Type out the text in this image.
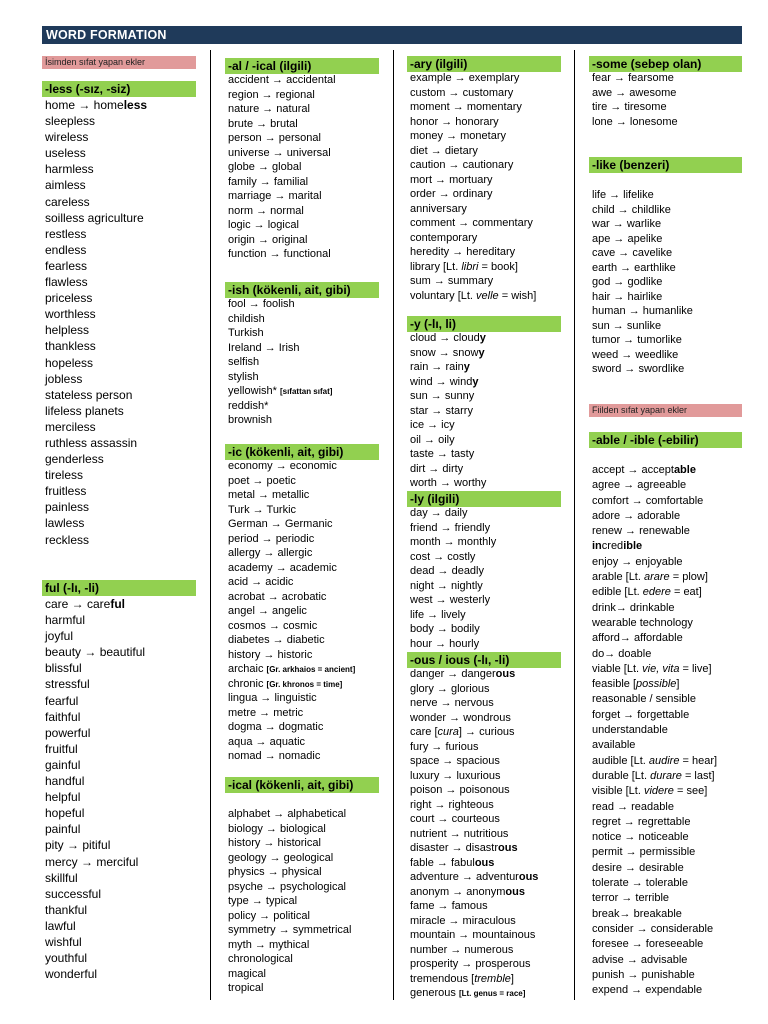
WORD FORMATION
İsimden sıfat yapan ekler
-less (-sız, -siz)
home → homeless
sleepless
wireless
useless
harmless
aimless
careless
soilless agriculture
restless
endless
fearless
flawless
priceless
worthless
helpless
thankless
hopeless
jobless
stateless person
lifeless planets
merciless
ruthless assassin
genderless
tireless
fruitless
painless
lawless
reckless
ful (-lı, -li)
care → careful
harmful
joyful
beauty → beautiful
blissful
stressful
fearful
faithful
powerful
fruitful
gainful
handful
helpful
hopeful
painful
pity → pitiful
mercy → merciful
skillful
successful
thankful
lawful
wishful
youthful
wonderful
-al / -ical (ilgili)
accident → accidental
region → regional
nature → natural
brute → brutal
person → personal
universe → universal
globe → global
family → familial
marriage → marital
norm → normal
logic → logical
origin → original
function → functional
-ish (kökenli, ait, gibi)
fool → foolish
childish
Turkish
Ireland → Irish
selfish
stylish
yellowish* [sıfattan sıfat]
reddish*
brownish
-ic (kökenli, ait, gibi)
economy → economic
poet → poetic
metal → metallic
Turk → Turkic
German → Germanic
period → periodic
allergy → allergic
academy → academic
acid → acidic
acrobat → acrobatic
angel → angelic
cosmos → cosmic
diabetes → diabetic
history → historic
archaic [Gr. arkhaios = ancient]
chronic [Gr. khronos = time]
lingua → linguistic
metre → metric
dogma → dogmatic
aqua → aquatic
nomad → nomadic
-ical (kökenli, ait, gibi)
alphabet → alphabetical
biology → biological
history → historical
geology → geological
physics → physical
psyche → psychological
type → typical
policy → political
symmetry → symmetrical
myth → mythical
chronological
magical
tropical
-ary (ilgili)
example → exemplary
custom → customary
moment → momentary
honor → honorary
money → monetary
diet → dietary
caution → cautionary
mort → mortuary
order → ordinary
anniversary
comment → commentary
contemporary
heredity → hereditary
library [Lt. libri = book]
sum → summary
voluntary [Lt. velle = wish]
-y (-lı, li)
cloud → cloudy
snow → snowy
rain → rainy
wind → windy
sun → sunny
star → starry
ice → icy
oil → oily
taste → tasty
dirt → dirty
worth → worthy
-ly (ilgili)
day → daily
friend → friendly
month → monthly
cost → costly
dead → deadly
night → nightly
west → westerly
life → lively
body → bodily
hour → hourly
-ous / ious (-lı, -li)
danger → dangerous
glory → glorious
nerve → nervous
wonder → wondrous
care [cura] → curious
fury → furious
space → spacious
luxury → luxurious
poison → poisonous
right → righteous
court → courteous
nutrient → nutritious
disaster → disastrous
fable → fabulous
adventure → adventurous
anonym → anonymous
fame → famous
miracle → miraculous
mountain → mountainous
number → numerous
prosperity → prosperous
tremendous [tremble]
generous [Lt. genus = race]
-some (sebep olan)
fear → fearsome
awe → awesome
tire → tiresome
lone → lonesome
-like (benzeri)
life → lifelike
child → childlike
war → warlike
ape → apelike
cave → cavelike
earth → earthlike
god → godlike
hair → hairlike
human → humanlike
sun → sunlike
tumor → tumorlike
weed → weedlike
sword → swordlike
Fiilden sıfat yapan ekler
-able / -ible (-ebilir)
accept → acceptable
agree → agreeable
comfort → comfortable
adore → adorable
renew → renewable
incredible
enjoy → enjoyable
arable [Lt. arare = plow]
edible [Lt. edere = eat]
drink→ drinkable
wearable technology
afford→ affordable
do→ doable
viable [Lt. vie, vita = live]
feasible [possible]
reasonable / sensible
forget → forgettable
understandable
available
audible [Lt. audire = hear]
durable [Lt. durare = last]
visible [Lt. videre = see]
read → readable
regret → regrettable
notice → noticeable
permit → permissible
desire → desirable
tolerate → tolerable
terror → terrible
break→ breakable
consider → considerable
foresee → foreseeable
advise → advisable
punish → punishable
expend → expendable
